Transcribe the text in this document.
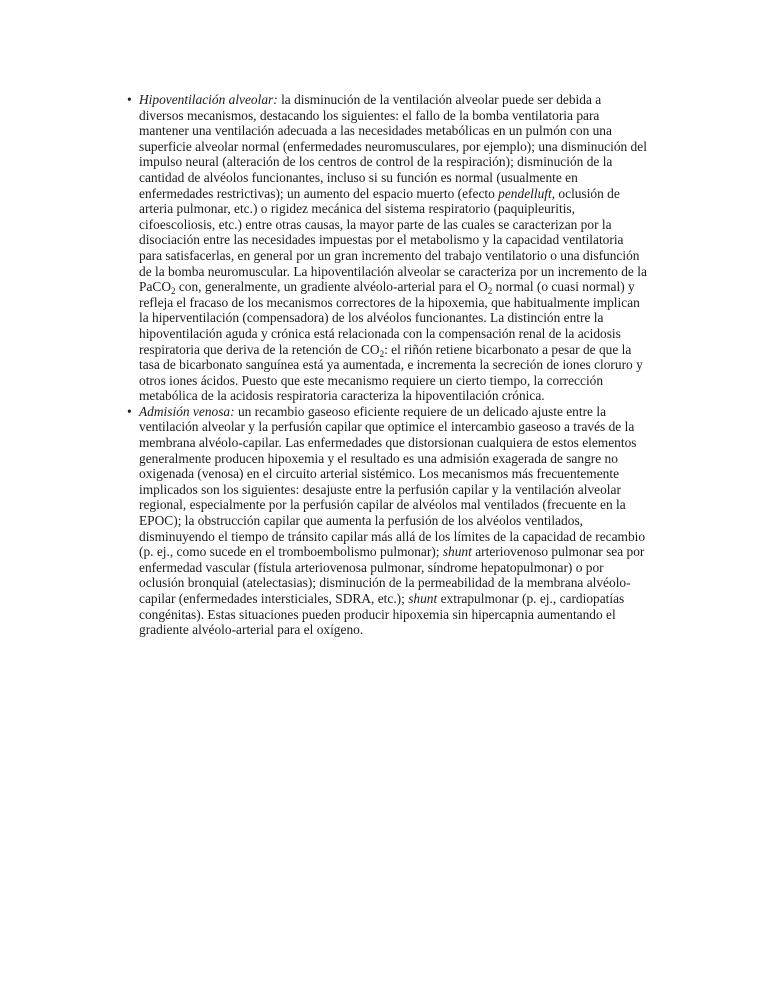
• Hipoventilación alveolar: la disminución de la ventilación alveolar puede ser debida a diversos mecanismos, destacando los siguientes: el fallo de la bomba ventilatoria para mantener una ventilación adecuada a las necesidades metabólicas en un pulmón con una superficie alveolar normal (enfermedades neuromusculares, por ejemplo); una disminución del impulso neural (alteración de los centros de control de la respiración); disminución de la cantidad de alvéolos funcionantes, incluso si su función es normal (usualmente en enfermedades restrictivas); un aumento del espacio muerto (efecto pendelluft, oclusión de arteria pulmonar, etc.) o rigidez mecánica del sistema respiratorio (paquipleuritis, cifoescoliosis, etc.) entre otras causas, la mayor parte de las cuales se caracterizan por la disociación entre las necesidades impuestas por el metabolismo y la capacidad ventilatoria para satisfacerlas, en general por un gran incremento del trabajo ventilatorio o una disfunción de la bomba neuromuscular. La hipoventilación alveolar se caracteriza por un incremento de la PaCO$_2$ con, generalmente, un gradiente alvéolo-arterial para el $O_2$ normal (o cuasi normal) y refleja el fracaso de los mecanismos correctores de la hipoxemia, que habitualmente implican la hiperventilación (compensadora) de los alvéolos funcionantes. La distinción entre la hipoventilación aguda y crónica está relacionada con la compensación renal de la acidosis respiratoria que deriva de la retención de $CO_2$: el riñón retiene bicarbonato a pesar de que la tasa de bicarbonato sanguínea está ya aumentada, e incrementa la secreción de iones cloruro y otros iones ácidos. Puesto que este mecanismo requiere un cierto tiempo, la corrección metabólica de la acidosis respiratoria caracteriza la hipoventilación crónica.
• Admisión venosa: un recambio gaseoso eficiente requiere de un delicado ajuste entre la ventilación alveolar y la perfusión capilar que optimice el intercambio gaseoso a través de la membrana alvéolo-capilar. Las enfermedades que distorsionan cualquiera de estos elementos generalmente producen hipoxemia y el resultado es una admisión exagerada de sangre no oxigenada (venosa) en el circuito arterial sistémico. Los mecanismos más frecuentemente implicados son los siguientes: desajuste entre la perfusión capilar y la ventilación alveolar regional, especialmente por la perfusión capilar de alvéolos mal ventilados (frecuente en la EPOC); la obstrucción capilar que aumenta la perfusión de los alvéolos ventilados, disminuyendo el tiempo de tránsito capilar más allá de los límites de la capacidad de recambio (p. ej., como sucede en el tromboembolismo pulmonar); shunt arteriovenoso pulmonar sea por enfermedad vascular (fístula arteriovenosa pulmonar, síndrome hepatopulmonar) o por oclusión bronquial (atelectasias); disminución de la permeabilidad de la membrana alvéolo-capilar (enfermedades intersticiales, SDRA, etc.); shunt extrapulmonar (p. ej., cardiopatías congénitas). Estas situaciones pueden producir hipoxemia sin hipercapnia aumentando el gradiente alvéolo-arterial para el oxígeno.
